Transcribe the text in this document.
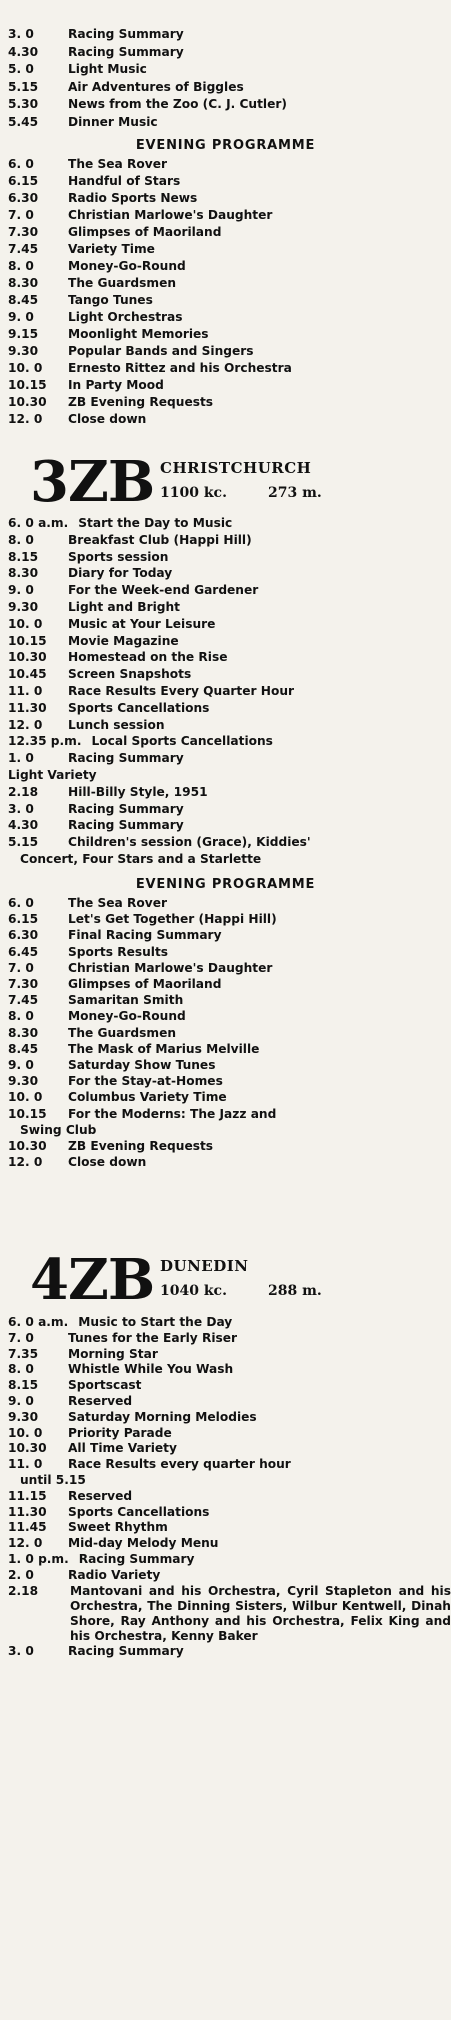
3. 0	Racing Summary
4.30 Racing Summary
5. 0	Light Music
5.15 Air Adventures of Biggles
5.30 News from the Zoo (C. J. Cutler)
5.45 Dinner Music
EVENING PROGRAMME
6. 0	The Sea Rover
6.15 Handful of Stars
6.30 Radio Sports News
7. 0	Christian Marlowe's Daughter
7.30 Glimpses of Maoriland
7.45 Variety Time
8. 0	Money-Go-Round
8.30 The Guardsmen
8.45 Tango Tunes
9. 0	Light Orchestras
9.15 Moonlight Memories
9.30 Popular Bands and Singers
10. 0 Ernesto Rittez and his Orchestra
10.15 In Party Mood
10.30 ZB Evening Requests
12. 0 Close down
3ZB CHRISTCHURCH
1100 kc.	273 m.
6. 0 a.m. Start the Day to Music
8. 0	Breakfast Club (Happi Hill)
8.15 Sports session
8.30 Diary for Today
9. 0	For the Week-end Gardener
9.30 Light and Bright
10. 0 Music at Your Leisure
10.15 Movie Magazine
10.30 Homestead on the Rise
10.45 Screen Snapshots
11. 0 Race Results Every Quarter Hour
11.30 Sports Cancellations
12. 0 Lunch session
12.35 p.m. Local Sports Cancellations
1. 0	Racing Summary
Light Variety
2.18 Hill-Billy Style, 1951
3. 0	Racing Summary
4.30 Racing Summary
5.15 Children's session (Grace), Kiddies'
Concert, Four Stars and a Starlette
EVENING PROGRAMME
6. 0	The Sea Rover
6.15 Let's Get Together (Happi Hill)
6.30 Final Racing Summary
6.45 Sports Results
7. 0	Christian Marlowe's Daughter
7.30 Glimpses of Maoriland
7.45 Samaritan Smith
8. 0	Money-Go-Round
8.30 The Guardsmen
8.45 The Mask of Marius Melville
9. 0	Saturday Show Tunes
9.30 For the Stay-at-Homes
10. 0 Columbus Variety Time
10.15 For the Moderns: The Jazz and
Swing Club
10.30 ZB Evening Requests
12. 0 Close down
4ZB DUNEDIN
1040 kc.	288 m.
6. 0 a.m. Music to Start the Day
7. 0	Tunes for the Early Riser
7.35 Morning Star
8. 0	Whistle While You Wash
8.15 Sportscast
9. 0	Reserved
9.30 Saturday Morning Melodies
10. 0 Priority Parade
10.30 All Time Variety
11. 0 Race Results every quarter hour
until 5.15
11.15 Reserved
11.30 Sports Cancellations
11.45 Sweet Rhythm
12. 0 Mid-day Melody Menu
1. 0 p.m. Racing Summary
2. 0	Radio Variety
2.18	Mantovani and his Orchestra, Cyril Stapleton and his Orchestra, The Dinning Sisters, Wilbur Kentwell, Dinah Shore, Ray Anthony and his Orchestra, Felix King and his Orchestra, Kenny Baker
3. 0	Racing Summary
